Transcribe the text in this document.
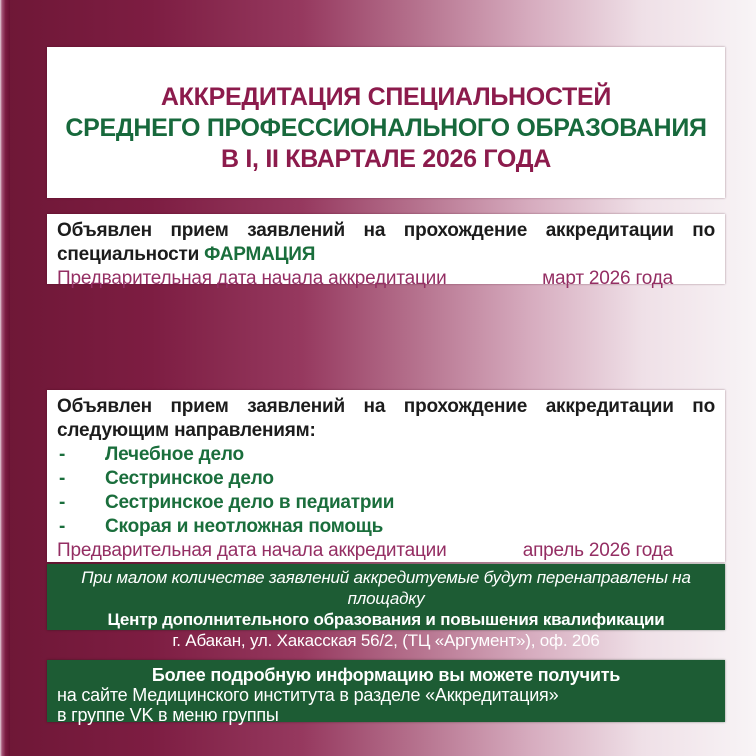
АККРЕДИТАЦИЯ СПЕЦИАЛЬНОСТЕЙ
СРЕДНЕГО ПРОФЕССИОНАЛЬНОГО ОБРАЗОВАНИЯ
В I, II КВАРТАЛЕ 2026 ГОДА
Объявлен прием заявлений на прохождение аккредитации по
специальности ФАРМАЦИЯ
Предварительная дата начала аккредитации	март 2026 года
Объявлен прием заявлений на прохождение аккредитации по
следующим направлениям:
-	Лечебное дело
-	Сестринское дело
-	Сестринское дело в педиатрии
-	Скорая и неотложная помощь
Предварительная дата начала аккредитации	апрель 2026 года
При малом количестве заявлений аккредитуемые будут перенаправлены на площадку
Центр дополнительного образования и повышения квалификации
г. Абакан, ул. Хакасская 56/2, (ТЦ «Аргумент»), оф. 206
Более подробную информацию вы можете получить
на сайте Медицинского института в разделе «Аккредитация»
в группе VK в меню группы
